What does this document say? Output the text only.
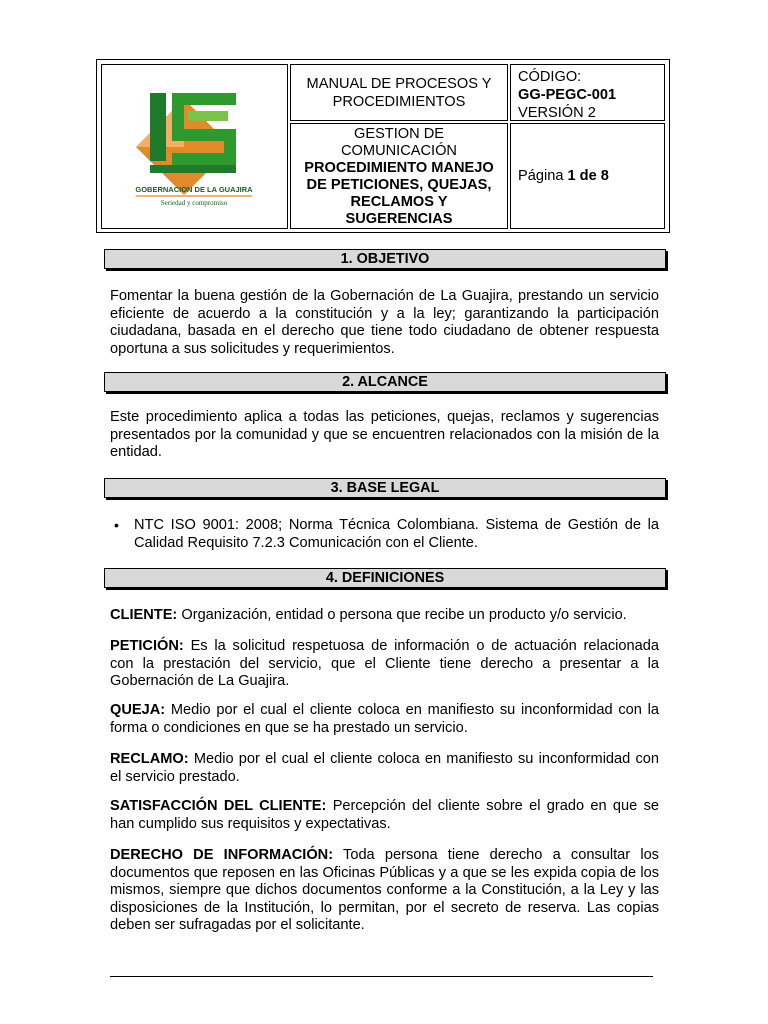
GOBERNACION DE LA GUAJIRA
Seriedad y compromiso
MANUAL DE PROCESOS Y PROCEDIMIENTOS
CÓDIGO:
GG-PEGC-001
VERSIÓN 2
GESTION DE COMUNICACIÓN
PROCEDIMIENTO MANEJO DE PETICIONES, QUEJAS, RECLAMOS Y SUGERENCIAS
Página
1 de 8
1. OBJETIVO

Fomentar la buena gestión de la Gobernación de La Guajira, prestando un servicio eficiente de acuerdo a la constitución y a la ley; garantizando la participación ciudadana, basada en el derecho que tiene todo ciudadano de obtener respuesta oportuna a sus solicitudes y requerimientos.

2. ALCANCE

Este procedimiento aplica a todas las peticiones, quejas, reclamos y sugerencias presentados por la comunidad y que se encuentren relacionados con la misión de la entidad.

3. BASE LEGAL
• NTC ISO 9001: 2008; Norma Técnica Colombiana. Sistema de Gestión de la Calidad Requisito 7.2.3 Comunicación con el Cliente.
4. DEFINICIONES

CLIENTE: Organización, entidad o persona que recibe un producto y/o servicio.

PETICIÓN: Es la solicitud respetuosa de información o de actuación relacionada con la prestación del servicio, que el Cliente tiene derecho a presentar a la Gobernación de La Guajira.

QUEJA: Medio por el cual el cliente coloca en manifiesto su inconformidad con la forma o condiciones en que se ha prestado un servicio.

RECLAMO: Medio por el cual el cliente coloca en manifiesto su inconformidad con el servicio prestado.

SATISFACCIÓN DEL CLIENTE: Percepción del cliente sobre el grado en que se han cumplido sus requisitos y expectativas.

DERECHO DE INFORMACIÓN: Toda persona tiene derecho a consultar los documentos que reposen en las Oficinas Públicas y a que se les expida copia de los mismos, siempre que dichos documentos conforme a la Constitución, a la Ley y las disposiciones de la Institución, lo permitan, por el secreto de reserva. Las copias deben ser sufragadas por el solicitante.
